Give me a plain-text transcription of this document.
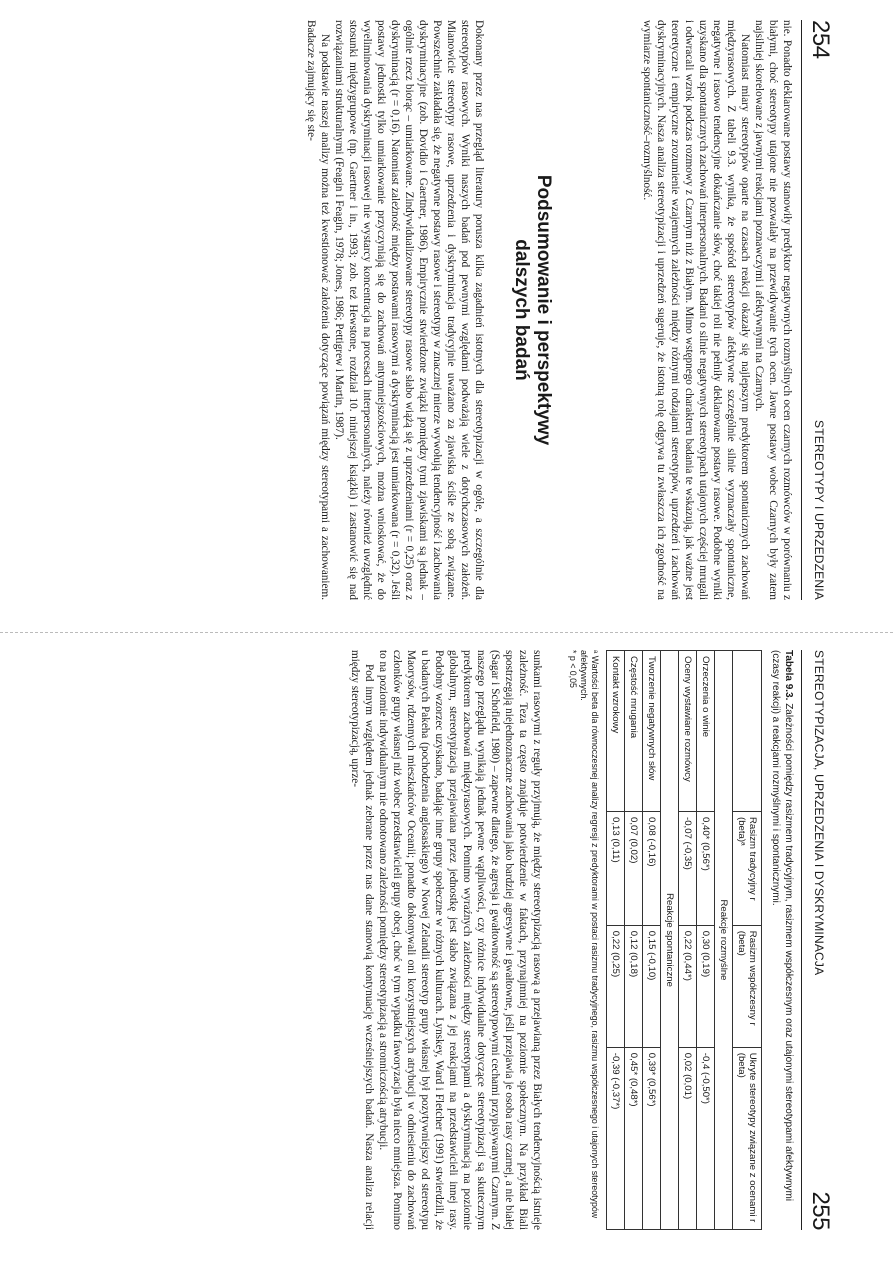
254
STEREOTYPY I UPRZEDZENIA

nie. Ponadto deklarowane postawy stanowiły predyktor negatywnych rozmyślnych ocen czarnych rozmówców w porównaniu z białymi, choć stereotypy utajone nie pozwalały na przewidywanie tych ocen. Jawne postawy wobec Czarnych były zatem najsilniej skorelowane z jawnymi reakcjami poznawczymi i afektywnymi na Czarnych.

Natomiast miary stereotypów oparte na czasach reakcji okazały się najlepszym predyktorem spontanicznych zachowań międzyrasowych. Z tabeli 9.3. wynika, że spośród stereotypów afektywne szczególnie silnie wyznaczały spontaniczne, negatywne i rasowo tendencyjne dokańczanie słów, choć takiej roli nie pełniły deklarowane postawy rasowe. Podobne wyniki uzyskano dla spontanicznych zachowań interpersonalnych. Badani o silnie negatywnych stereotypach utajonych częściej mrugali i odwracali wzrok podczas rozmowy z Czarnym niż z Białym. Mimo wstępnego charakteru badania te wskazują, jak ważne jest teoretyczne i empiryczne zrozumienie wzajemnych zależności między różnymi rodzajami stereotypów, uprzedzeń i zachowań dyskryminacyjnych. Nasza analiza stereotypizacji i uprzedzeń sugeruje, że istotną rolę odgrywa tu zwłaszcza ich zgodność na wymiarze spontaniczność–rozmyślność.

Podsumowanie i perspektywy
dalszych badań

Dokonany przez nas przegląd literatury porusza kilka zagadnień istotnych dla stereotypizacji w ogóle, a szczególnie dla stereotypów rasowych. Wyniki naszych badań pod pewnymi względami podważają wiele z dotychczasowych założeń. Mianowicie stereotypy rasowe, uprzedzenia i dyskryminacja tradycyjnie uważano za zjawiska ściśle ze sobą związane. Powszechnie zakładała się, że negatywne postawy rasowe i stereotypy w znacznej mierze wywołują tendencyjność i zachowania dyskryminacyjne (zob. Dovidio i Gaertner, 1986). Empirycznie stwierdzone związki pomiędzy tymi zjawiskami są jednak – ogólnie rzecz biorąc – umiarkowane. Zindywidualizowane stereotypy rasowe słabo wiążą się z uprzedzeniami (r = 0,25) oraz z dyskryminacją (r = 0,16). Natomiast zależność między postawami rasowymi a dyskryminacją jest umiarkowana (r = 0,32). Jeśli postawy jednostki tylko umiarkowanie przyczyniają się do zachowań antymniejszościowych, można wnioskować, że do wyeliminowania dyskryminacji rasowej nie wystarcy koncentracja na procesach interpersonalnych, należy również uwzględnić stosunki międzygrupowe (np. Gaertner i in., 1993; zob. też Hewstone, rozdział 10. niniejszej książki) i zastanowić się nad rozwiązaniami strukturalnymi (Feagin i Feagin, 1978; Jones, 1986; Pettigrew i Martin, 1987).

Na podstawie naszej analizy można też kwestionować założenia dotyczące powiązań między stereotypami a zachowaniem. Badacze zajmujący się ste-

STEREOTYPIZACJA, UPRZEDZENIA I DYSKRYMINACJA
255
Tabela 9.3. Zależności pomiędzy rasizmem tradycyjnym, rasizmem współczesnym oraz utajonymi stereotypami afektywnymi (czasy reakcji) a reakcjami rozmyślnymi i spontanicznymi.
	Rasizm tradycyjny r (beta)ᵃ	Rasizm współczesny r (beta)	Ukryte stereotypy związane z ocenami r (beta)
Reakcje rozmyślne			
Orzeczenia o winie	0,40* (0,56*)	0,30 (0,19)	-0,4 (-0,50*)
Oceny wystawiane rozmówcy	-0,07 (-0,35)	0,22 (0,44*)	0,02 (0,01)
Reakcje spontaniczne			
Tworzenie negatywnych słów	0,08 (-0,16)	0,15 (-0,10)	0,39* (0,56*)
Częstość mrugania	0,07 (0,02)	0,12 (0,18)	0,45* (0,48*)
Kontakt wzrokowy	0,13 (0,11)	0,22 (0,25)	-0,39 (-0,37*)
ᵃ Wartości beta dla równoczesnej analizy regresji z predyktorami w postaci rasizmu tradycyjnego, rasizmu współczesnego i utajonych stereotypów afektywnych.
* p < 0,05

sunkami rasowymi z reguły przyjmują, że między stereotypizacją rasową a przejawianą przez Białych tendencyjnością istnieje zależność. Teza ta często znajduje potwierdzenie w faktach, przynajmniej na poziomie społecznym. Na przykład Biali spostrzegają niejednoznaczne zachowania jako bardziej agresywne i gwałtowne, jeśli przejawia je osoba rasy czarnej, a nie białej (Sagar i Schofield, 1980) – zapewne dlatego, że agresja i gwałtowność są stereotypowymi cechami przypisywanymi Czarnym. Z naszego przeglądu wynikają jednak pewne wątpliwości, czy różnice indywidualne dotyczące stereotypizacji są skutecznym predyktorem zachowań międzyrasowych. Pomimo wyraźnych zależności między stereotypami a dyskryminacją na poziomie globalnym, stereotypizacja przejawiana przez jednostkę jest słabo związana z jej reakcjami na przedstawicieli innej rasy. Podobny wzorzec uzyskano, badając inne grupy społeczne w różnych kulturach. Lynskey, Ward i Fletcher (1991) stwierdzili, że u badanych Pakeha (pochodzenia anglosaskiego) w Nowej Zelandii stereotyp grupy własnej był pozytywniejszy od stereotypu Maorysów, rdzennych mieszkańców Oceanii; ponadto dokonywali oni korzystniejszych atrybucji w odniesieniu do zachowań członków grupy własnej niż wobec przedstawicieli grupy obcej, choć w tym wypadku faworyzacja była nieco mniejsza. Pomimo to na poziomie indywidualnym nie odnotowano zależności pomiędzy stereotypizacją a stronniczością atrybucji.

Pod innym względem jednak zebrane przez nas dane stanowią kontynuację wcześniejszych badań. Nasza analiza relacji między stereotypizacją, uprze-
